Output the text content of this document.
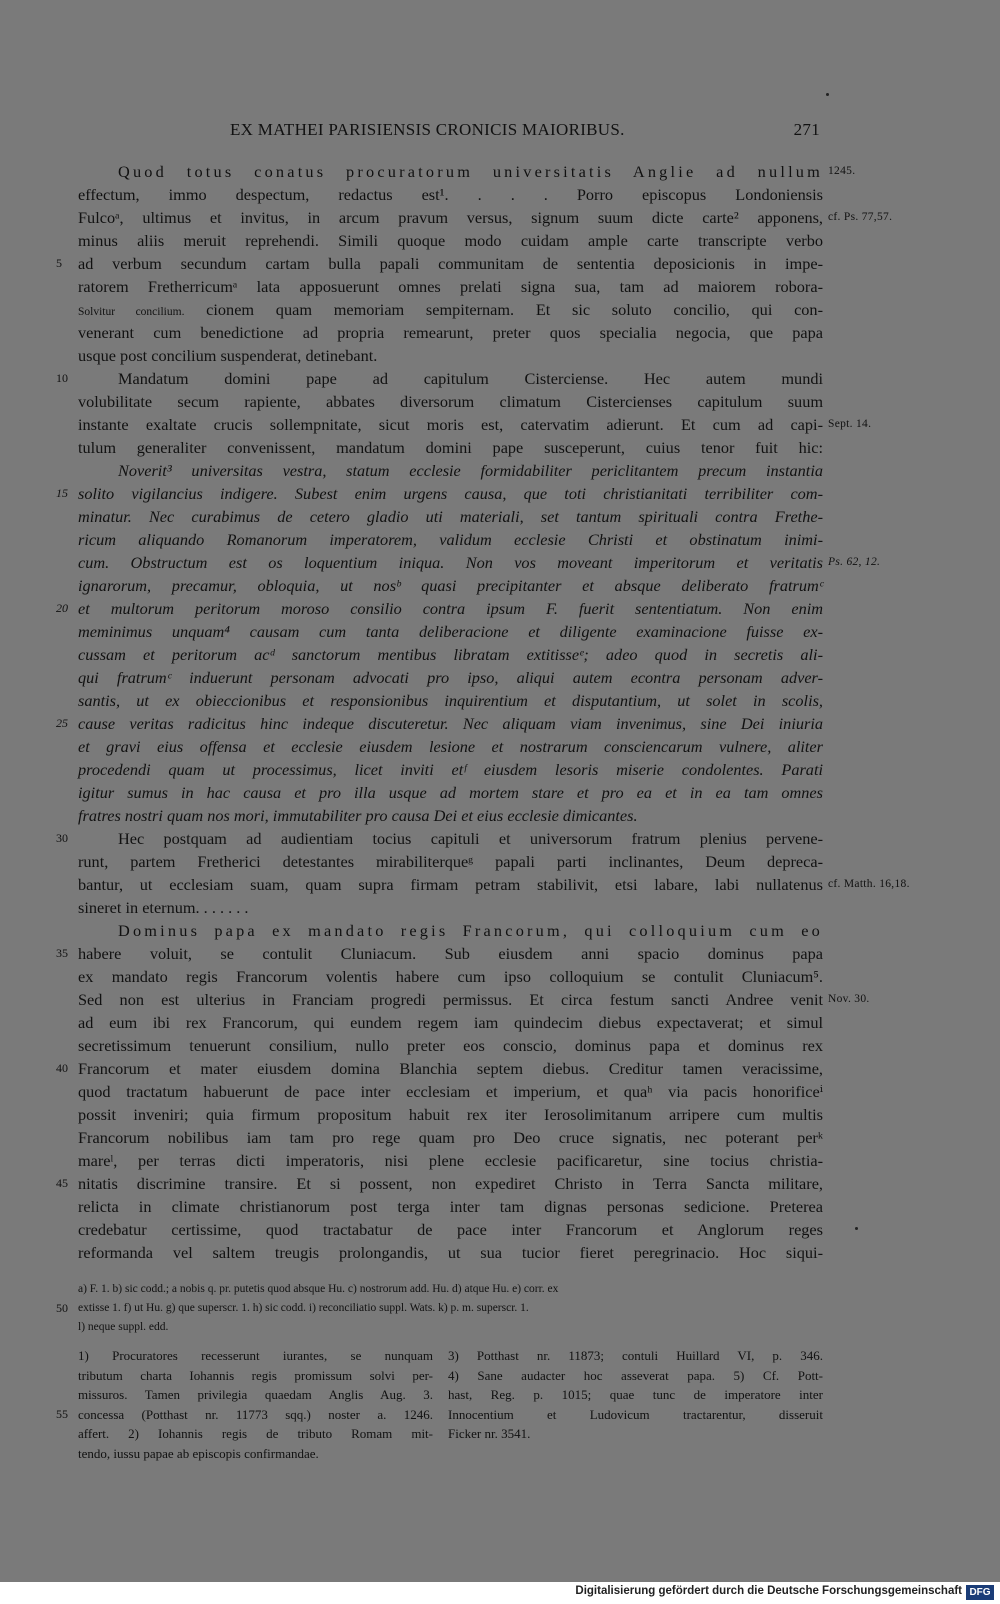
EX MATHEI PARISIENSIS CRONICIS MAIORIBUS.	271
Quod totus conatus procuratorum universitatis Anglie ad nullum 1245.
effectum, immo despectum, redactus est¹. . . . Porro episcopus Londoniensis
Fulcoᵃ, ultimus et invitus, in arcum pravum versus, signum suum dicte carte² apponens, cf. Ps. 77,57.
minus aliis meruit reprehendi. Simili quoque modo cuidam ample carte transcripte verbo
5 ad verbum secundum cartam bulla papali communitam de sententia deposicionis in impe-
ratorem Fretherricumᵃ lata apposuerunt omnes prelati signa sua, tam ad maiorem robora-
Solvitur concilium. cionem quam memoriam sempiternam. Et sic soluto concilio, qui con-
venerant cum benedictione ad propria remearunt, preter quos specialia negocia, que papa
usque post concilium suspenderat, detinebant.
10	Mandatum domini pape ad capitulum Cisterciense. Hec autem mundi
volubilitate secum rapiente, abbates diversorum climatum Cistercienses capitulum suum
instante exaltate crucis sollempnitate, sicut moris est, catervatim adierunt. Et cum ad capi- Sept. 14.
tulum generaliter convenissent, mandatum domini pape susceperunt, cuius tenor fuit hic:
Noverit³ universitas vestra, statum ecclesie formidabiliter periclitantem precum instantia
15 solito vigilancius indigere. Subest enim urgens causa, que toti christianitati terribiliter com-
minatur. Nec curabimus de cetero gladio uti materiali, set tantum spirituali contra Frethe-
ricum aliquando Romanorum imperatorem, validum ecclesie Christi et obstinatum inimi-
cum. Obstructum est os loquentium iniqua. Non vos moveant imperitorum et veritatis Ps. 62, 12.
ignarorum, precamur, obloquia, ut nosᵇ quasi precipitanter et absque deliberato fratrumᶜ
20 et multorum peritorum moroso consilio contra ipsum F. fuerit sententiatum. Non enim
meminimus unquam⁴ causam cum tanta deliberacione et diligente examinacione fuisse ex-
cussam et peritorum acᵈ sanctorum mentibus libratam extitisseᵉ; adeo quod in secretis ali-
qui fratrumᶜ induerunt personam advocati pro ipso, aliqui autem econtra personam adver-
santis, ut ex obieccionibus et responsionibus inquirentium et disputantium, ut solet in scolis,
25 cause veritas radicitus hinc indeque discuteretur. Nec aliquam viam invenimus, sine Dei iniuria
et gravi eius offensa et ecclesie eiusdem lesione et nostrarum consciencarum vulnere, aliter
procedendi quam ut processimus, licet inviti etᶠ eiusdem lesoris miserie condolentes. Parati
igitur sumus in hac causa et pro illa usque ad mortem stare et pro ea et in ea tam omnes
fratres nostri quam nos mori, immutabiliter pro causa Dei et eius ecclesie dimicantes.
30	Hec postquam ad audientiam tocius capituli et universorum fratrum plenius pervene-
runt, partem Fretherici detestantes mirabiliterqueᵍ papali parti inclinantes, Deum depreca-
bantur, ut ecclesiam suam, quam supra firmam petram stabilivit, etsi labare, labi nullatenus cf. Matth. 16,18.
sineret in eternum. . . . . . .
Dominus papa ex mandato regis Francorum, qui colloquium cum eo
35 habere voluit, se contulit Cluniacum. Sub eiusdem anni spacio dominus papa
ex mandato regis Francorum volentis habere cum ipso colloquium se contulit Cluniacum⁵.
Sed non est ulterius in Franciam progredi permissus. Et circa festum sancti Andree venit Nov. 30.
ad eum ibi rex Francorum, qui eundem regem iam quindecim diebus expectaverat; et simul
secretissimum tenuerunt consilium, nullo preter eos conscio, dominus papa et dominus rex
40 Francorum et mater eiusdem domina Blanchia septem diebus. Creditur tamen veracissime,
quod tractatum habuerunt de pace inter ecclesiam et imperium, et quaʰ via pacis honorificeⁱ
possit inveniri; quia firmum propositum habuit rex iter Ierosolimitanum arripere cum multis
Francorum nobilibus iam tam pro rege quam pro Deo cruce signatis, nec poterant perᵏ
mareˡ, per terras dicti imperatoris, nisi plene ecclesie pacificaretur, sine tocius christia-
45 nitatis discrimine transire. Et si possent, non expediret Christo in Terra Sancta militare,
relicta in climate christianorum post terga inter tam dignas personas sedicione. Preterea
credebatur certissime, quod tractabatur de pace inter Francorum et Anglorum reges
reformanda vel saltem treugis prolongandis, ut sua tucior fieret peregrinacio. Hoc siqui-
a) F. 1. b) sic codd.; a nobis q. pr. putetis quod absque Hu. c) nostrorum add. Hu. d) atque Hu. e) corr. ex
50 extisse 1. f) ut Hu. g) que superscr. 1. h) sic codd. i) reconciliatio suppl. Wats. k) p. m. superscr. 1.
l) neque suppl. edd.
1) Procuratores recesserunt iurantes, se nunquam
tributum charta Iohannis regis promissum solvi per-
missuros. Tamen privilegia quaedam Anglis Aug. 3.
55 concessa (Potthast nr. 11773 sqq.) noster a. 1246.
affert. 2) Iohannis regis de tributo Romam mit-
tendo, iussu papae ab episcopis confirmandae.
3) Potthast nr. 11873; contuli Huillard VI, p. 346.
4) Sane audacter hoc asseverat papa. 5) Cf. Pott-
hast, Reg. p. 1015; quae tunc de imperatore inter
Innocentium et Ludovicum tractarentur, disseruit
Ficker nr. 3541.
Digitalisierung gefördert durch die Deutsche Forschungsgemeinschaft DFG
